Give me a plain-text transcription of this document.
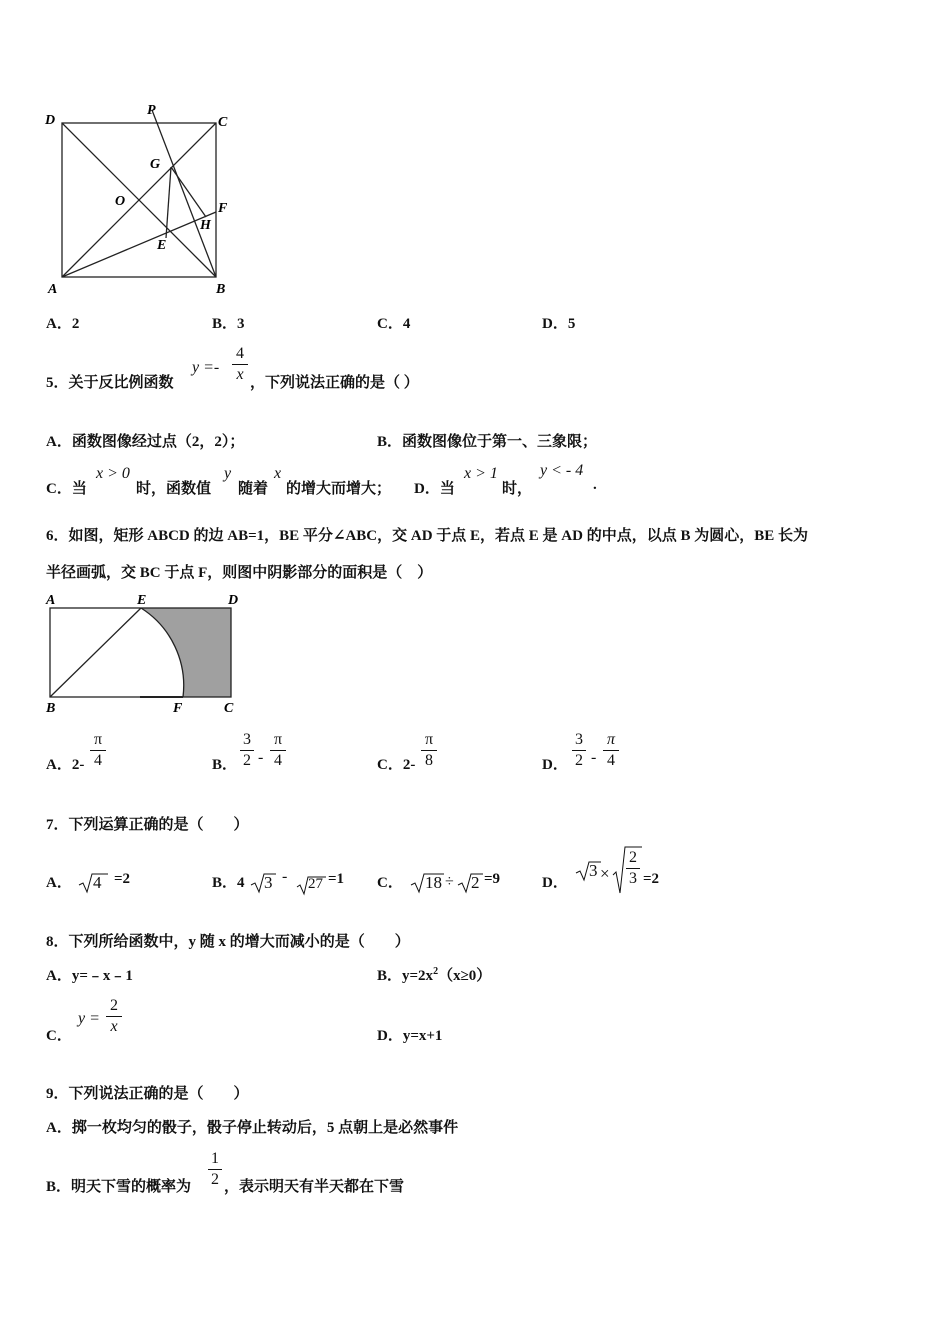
D
P
C
G
O	F
H
E
A	B
A．2	B．3	C．4	D．5
5．关于反比例函数
y =-
4
x ，下列说法正确的是（ ）
A．函数图像经过点（2，2）；	B．函数图像位于第一、三象限；
C．当
x > 0
时，函数值
y
随着
x
的增大而增大； D．当
x > 1
时，
y < - 4
.
6．如图，矩形 ABCD 的边 AB=1，BE 平分∠ABC，交 AD 于点 E，若点 E 是 AD 的中点，以点 B 为圆心，BE 长为
半径画弧，交 BC 于点 F，则图中阴影部分的面积是（　）
A	E	D
B	F	C
A．2-
π
4	B．
3
2 -
π
4	C．2-
π
8	D．
3
2 -
π
4
7．下列运算正确的是（　　）
A． 4 =2	B．4 3 - 27 =1 C． 18 ÷ 2 =9	D．
3 ×
2
3 =2
8．下列所给函数中，y 随 x 的增大而减小的是（　　）
A．y=﹣x﹣1	B．$y=2x^2(x\ge 0)$
C．
y =
2
x
D．y=x+1
9．下列说法正确的是（　　）
A．掷一枚均匀的骰子，骰子停止转动后，5 点朝上是必然事件
B．明天下雪的概率为
1
2 ，表示明天有半天都在下雪
